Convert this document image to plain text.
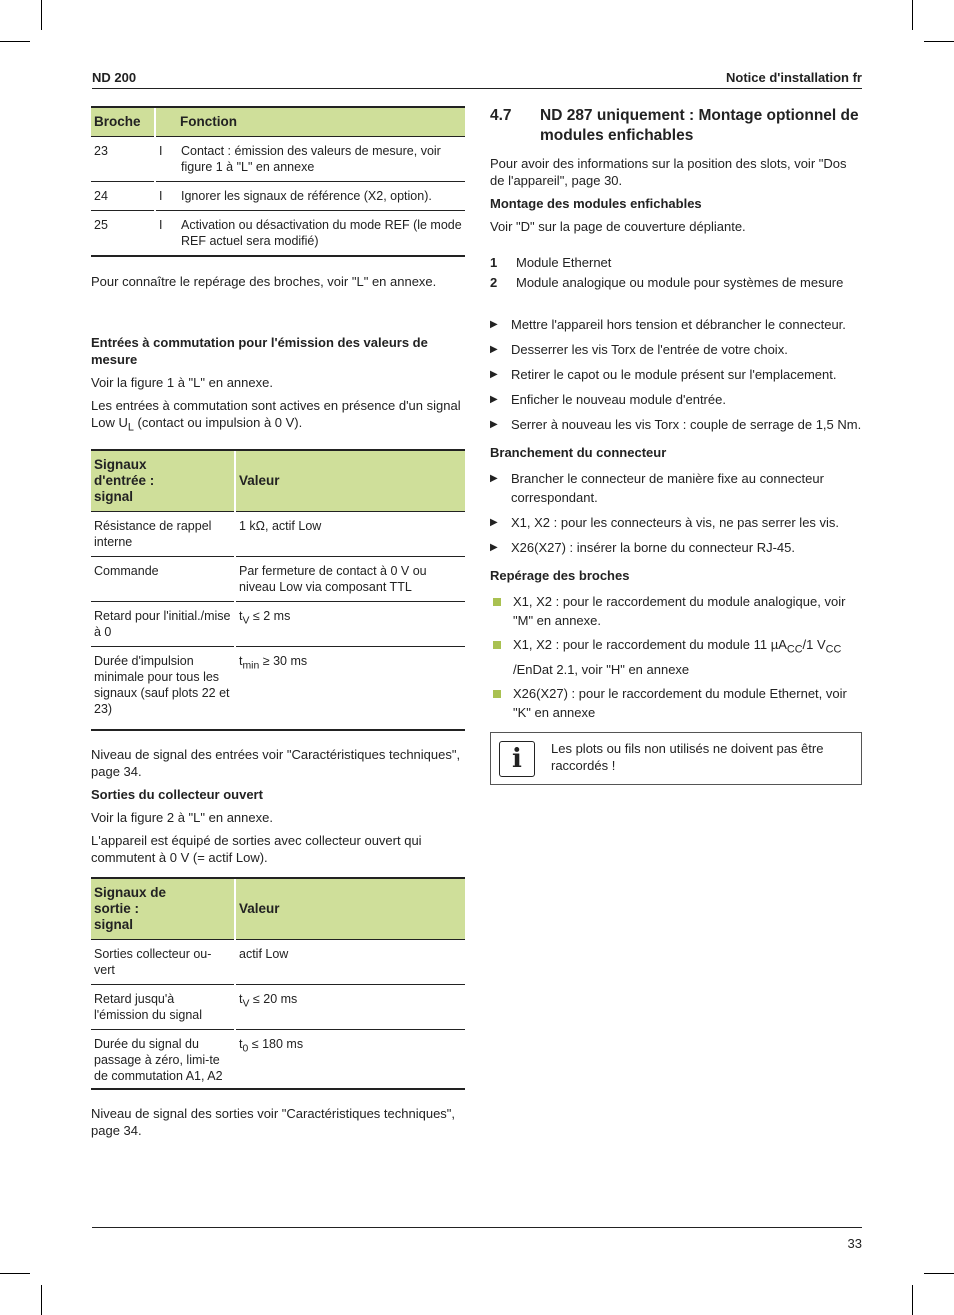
ND 200	Notice d'installation fr
Broche	Fonction	
23	I	Contact : émission des valeurs de mesure, voir figure 1 à "L" en annexe
24	I	Ignorer les signaux de référence (X2, option).
25	I	Activation ou désactivation du mode REF (le mode REF actuel sera modifié)

Pour connaître le repérage des broches, voir "L" en annexe.

Entrées à commutation pour l'émission des valeurs de mesure

Voir la figure 1 à "L" en annexe.

Les entrées à commutation sont actives en présence d'un signal Low $U_L$ (contact ou impulsion à 0 V).

Signaux d'entrée : signal	Valeur
Résistance de rappel interne	1 kΩ, actif Low
Commande	Par fermeture de contact à 0 V ou niveau Low via composant TTL
Retard pour l'initial./mise à 0	$t_V \le 2$ ms
Durée d'impulsion minimale pour tous les signaux (sauf plots 22 et 23)	$t_{min} \ge 30$ ms

Niveau de signal des entrées voir "Caractéristiques techniques", page 34.

Sorties du collecteur ouvert

Voir la figure 2 à "L" en annexe.

L'appareil est équipé de sorties avec collecteur ouvert qui commutent à 0 V (= actif Low).

Signaux de sortie : signal	Valeur
Sorties collecteur ou-vert	actif Low
Retard jusqu'à l'émission du signal	$t_V \le 20$ ms
Durée du signal du passage à zéro, limi-te de commutation A1, A2	$t_0 \le 180$ ms

Niveau de signal des sorties voir "Caractéristiques techniques", page 34.

4.7 ND 287 uniquement : Montage optionnel de modules enfichables

Pour avoir des informations sur la position des slots, voir "Dos de l'appareil", page 30.

Montage des modules enfichables

Voir "D" sur la page de couverture dépliante.

1	Module Ethernet
2	Module analogique ou module pour systèmes de mesure
▶	Mettre l'appareil hors tension et débrancher le connecteur.
▶	Desserrer les vis Torx de l'entrée de votre choix.
▶	Retirer le capot ou le module présent sur l'emplacement.
▶	Enficher le nouveau module d'entrée.
▶	Serrer à nouveau les vis Torx : couple de serrage de 1,5 Nm.

Branchement du connecteur

▶	Brancher le connecteur de manière fixe au connecteur correspondant.
▶	X1, X2 : pour les connecteurs à vis, ne pas serrer les vis.
▶	X26(X27) : insérer la borne du connecteur RJ-45.

Repérage des broches

X1, X2 : pour le raccordement du module analogique, voir "M" en annexe.
X1, X2 : pour le raccordement du module 11 µA$_{CC}$/1 $V_{CC}$ /EnDat 2.1, voir "H" en annexe
X26(X27) : pour le raccordement du module Ethernet, voir "K" en annexe
i	Les plots ou fils non utilisés ne doivent pas être raccordés !

33
